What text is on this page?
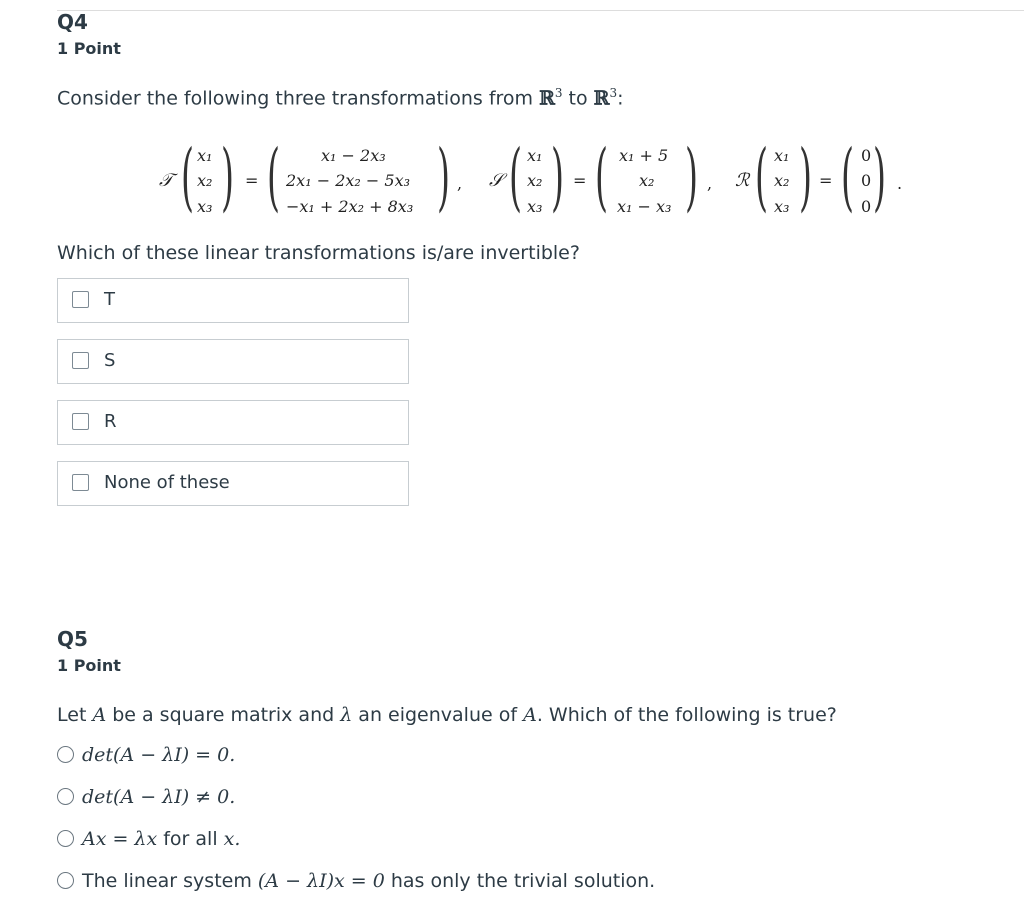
Q4
1 Point
Consider the following three transformations from ℝ$^3$ to ℝ$^3$:
𝒯 ( x₁
x₂
x₃ ) = (	x₁ − 2x₃
2x₁ − 2x₂ − 5x₃
−x₁ + 2x₂ + 8x₃ ) , 𝒮 ( x₁
x₂
x₃ ) = ( x₁ + 5
x₂
x₁ − x₃ ) , ℛ ( x₁
x₂
x₃ ) = ( 0
0
0 ) .
Which of these linear transformations is/are invertible?
T
S
R
None of these
Q5
1 Point
Let A be a square matrix and λ an eigenvalue of A. Which of the following is true?
det(A − λI) = 0.
det(A − λI) ≠ 0.
Ax = λx for all x.
The linear system (A − λI)x = 0 has only the trivial solution.
